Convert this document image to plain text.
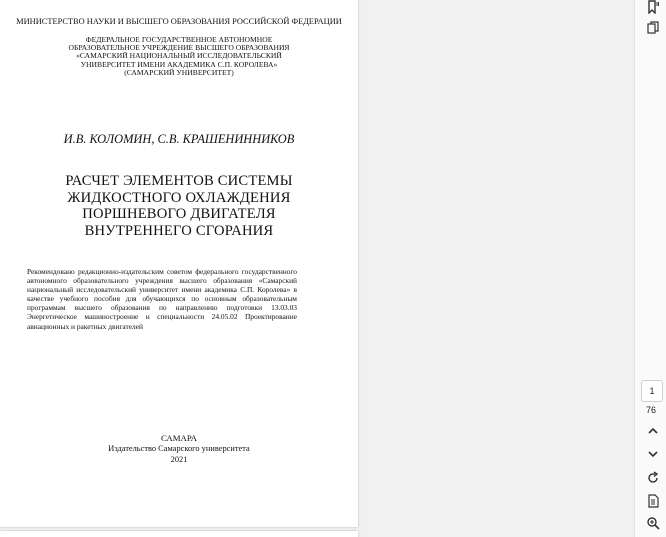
МИНИСТЕРСТВО НАУКИ И ВЫСШЕГО ОБРАЗОВАНИЯ РОССИЙСКОЙ ФЕДЕРАЦИИ
ФЕДЕРАЛЬНОЕ ГОСУДАРСТВЕННОЕ АВТОНОМНОЕ
ОБРАЗОВАТЕЛЬНОЕ УЧРЕЖДЕНИЕ ВЫСШЕГО ОБРАЗОВАНИЯ
«САМАРСКИЙ НАЦИОНАЛЬНЫЙ ИССЛЕДОВАТЕЛЬСКИЙ
УНИВЕРСИТЕТ ИМЕНИ АКАДЕМИКА С.П. КОРОЛЕВА»
(САМАРСКИЙ УНИВЕРСИТЕТ)
И.В. КОЛОМИН, С.В. КРАШЕНИННИКОВ
РАСЧЕТ ЭЛЕМЕНТОВ СИСТЕМЫ
ЖИДКОСТНОГО ОХЛАЖДЕНИЯ
ПОРШНЕВОГО ДВИГАТЕЛЯ
ВНУТРЕННЕГО СГОРАНИЯ
Рекомендовано редакционно-издательским советом федерального государственного автономного образовательного учреждения высшего образования «Самарский национальный исследовательский университет имени академика С.П. Королева» в качестве учебного пособия для обучающихся по основным образовательным программам высшего образования по направлению подготовки 13.03.03 Энергетическое машиностроение и специальности 24.05.02 Проектирование авиационных и ракетных двигателей
САМАРА
Издательство Самарского университета
2021
1
76
